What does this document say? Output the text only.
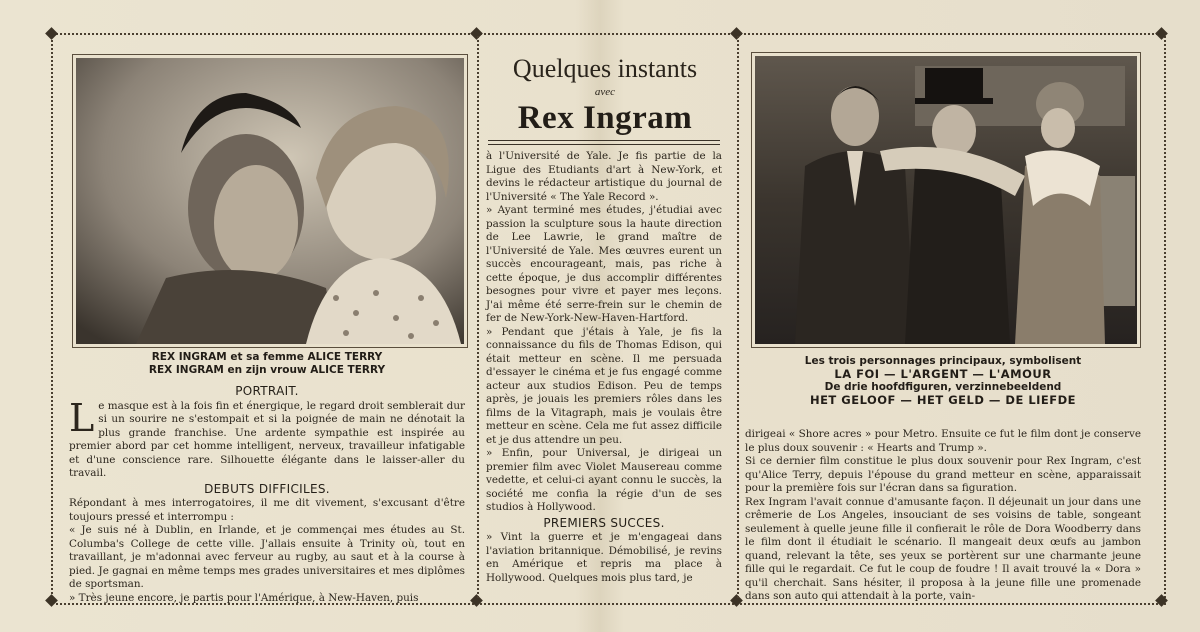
REX INGRAM et sa femme ALICE TERRY
REX INGRAM en zijn vrouw ALICE TERRY
PORTRAIT.

Le masque est à la fois fin et énergique, le regard droit semblerait dur si un sourire ne s'estompait et si la poignée de main ne dénotait la plus grande franchise. Une ardente sympathie est inspirée au premier abord par cet homme intelligent, nerveux, travailleur infatigable et d'une conscience rare. Silhouette élégante dans le laisser-aller du travail.

DEBUTS DIFFICILES.

Répondant à mes interrogatoires, il me dit vivement, s'excusant d'être toujours pressé et interrompu :

« Je suis né à Dublin, en Irlande, et je commençai mes études au St. Columba's College de cette ville. J'allais ensuite à Trinity où, tout en travaillant, je m'adonnai avec ferveur au rugby, au saut et à la course à pied. Je gagnai en même temps mes grades universitaires et mes diplômes de sportsman.

» Très jeune encore, je partis pour l'Amérique, à New-Haven, puis

Quelques instants
avec
Rex Ingram

à l'Université de Yale. Je fis partie de la Ligue des Etudiants d'art à New-York, et devins le rédacteur artistique du journal de l'Université « The Yale Record ».

» Ayant terminé mes études, j'étudiai avec passion la sculpture sous la haute direction de Lee Lawrie, le grand maître de l'Université de Yale. Mes œuvres eurent un succès encourageant, mais, pas riche à cette époque, je dus accomplir différentes besognes pour vivre et payer mes leçons. J'ai même été serre-frein sur le chemin de fer de New-York-New-Haven-Hartford.

» Pendant que j'étais à Yale, je fis la connaissance du fils de Thomas Edison, qui était metteur en scène. Il me persuada d'essayer le cinéma et je fus engagé comme acteur aux studios Edison. Peu de temps après, je jouais les premiers rôles dans les films de la Vitagraph, mais je voulais être metteur en scène. Cela me fut assez difficile et je dus attendre un peu.

» Enfin, pour Universal, je dirigeai un premier film avec Violet Mausereau comme vedette, et celui-ci ayant connu le succès, la société me confia la régie d'un de ses studios à Hollywood.

PREMIERS SUCCES.

» Vint la guerre et je m'engageai dans l'aviation britannique. Démobilisé, je revins en Amérique et repris ma place à Hollywood. Quelques mois plus tard, je

Les trois personnages principaux, symbolisent
LA FOI — L'ARGENT — L'AMOUR
De drie hoofdfiguren, verzinnebeeldend
HET GELOOF — HET GELD — DE LIEFDE

dirigeai « Shore acres » pour Metro. Ensuite ce fut le film dont je conserve le plus doux souvenir : « Hearts and Trump ».

Si ce dernier film constitue le plus doux souvenir pour Rex Ingram, c'est qu'Alice Terry, depuis l'épouse du grand metteur en scène, apparaissait pour la première fois sur l'écran dans sa figuration.

Rex Ingram l'avait connue d'amusante façon. Il déjeunait un jour dans une crêmerie de Los Angeles, insouciant de ses voisins de table, songeant seulement à quelle jeune fille il confierait le rôle de Dora Woodberry dans le film dont il étudiait le scénario. Il mangeait deux œufs au jambon quand, relevant la tête, ses yeux se portèrent sur une charmante jeune fille qui le regardait. Ce fut le coup de foudre ! Il avait trouvé la « Dora » qu'il cherchait. Sans hésiter, il proposa à la jeune fille une promenade dans son auto qui attendait à la porte, vain-
